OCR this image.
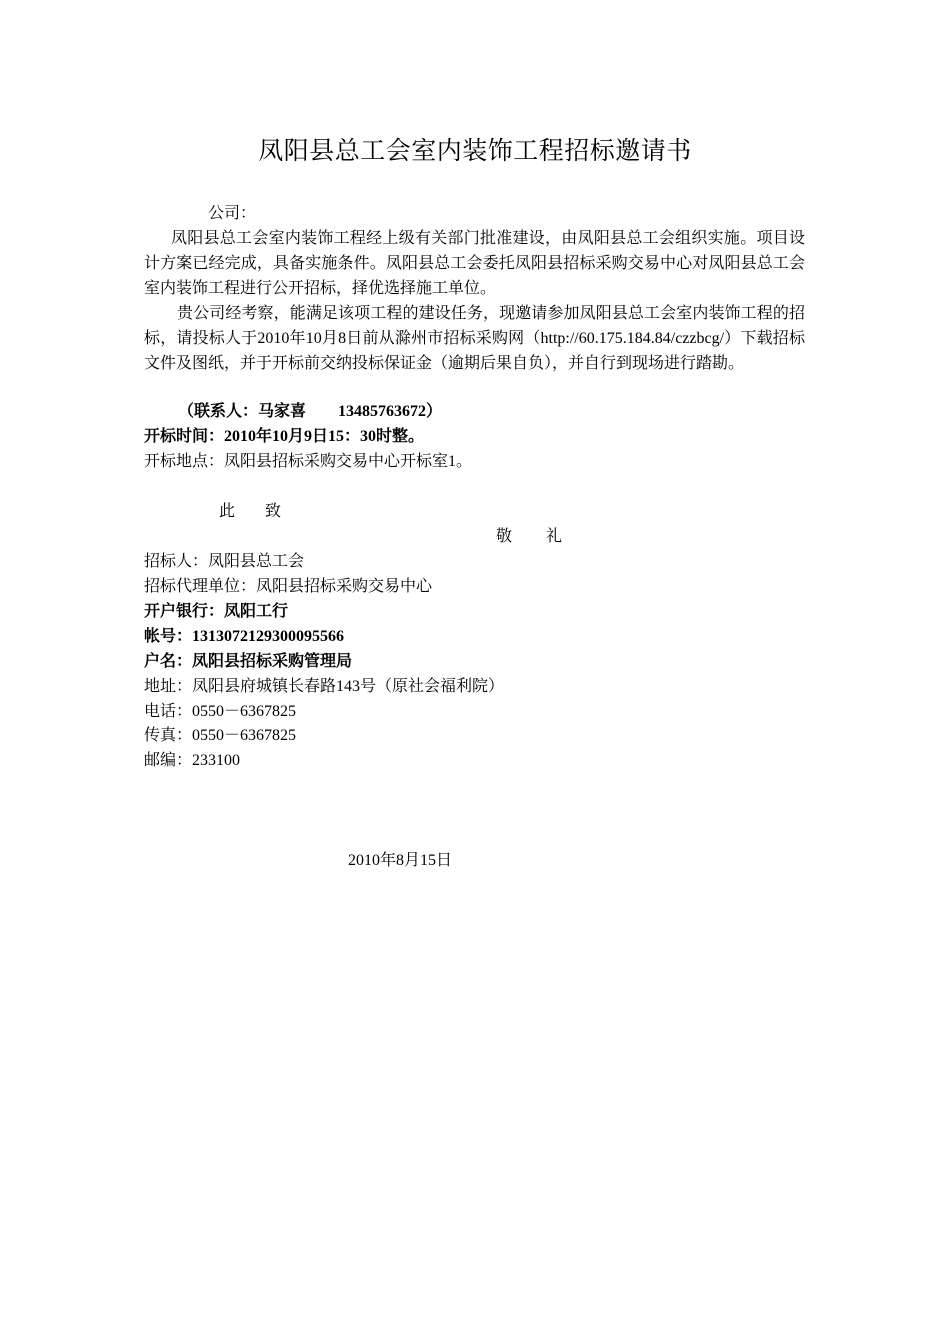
凤阳县总工会室内装饰工程招标邀请书
公司：

凤阳县总工会室内装饰工程经上级有关部门批准建设，由凤阳县总工会组织实施。项目设计方案已经完成，具备实施条件。凤阳县总工会委托凤阳县招标采购交易中心对凤阳县总工会室内装饰工程进行公开招标，择优选择施工单位。

贵公司经考察，能满足该项工程的建设任务，现邀请参加凤阳县总工会室内装饰工程的招标，请投标人于2010年10月8日前从滁州市招标采购网（http://60.175.184.84/czzbcg/）下载招标文件及图纸，并于开标前交纳投标保证金（逾期后果自负），并自行到现场进行踏勘。

（联系人：马家喜 13485763672）
开标时间：2010年10月9日15：30时整。
开标地点：凤阳县招标采购交易中心开标室1。
此致
敬礼
招标人：凤阳县总工会
招标代理单位：凤阳县招标采购交易中心
开户银行：凤阳工行
帐号：1313072129300095566
户名：凤阳县招标采购管理局
地址：凤阳县府城镇长春路143号（原社会福利院）
电话：0550－6367825
传真：0550－6367825
邮编：233100
2010年8月15日
